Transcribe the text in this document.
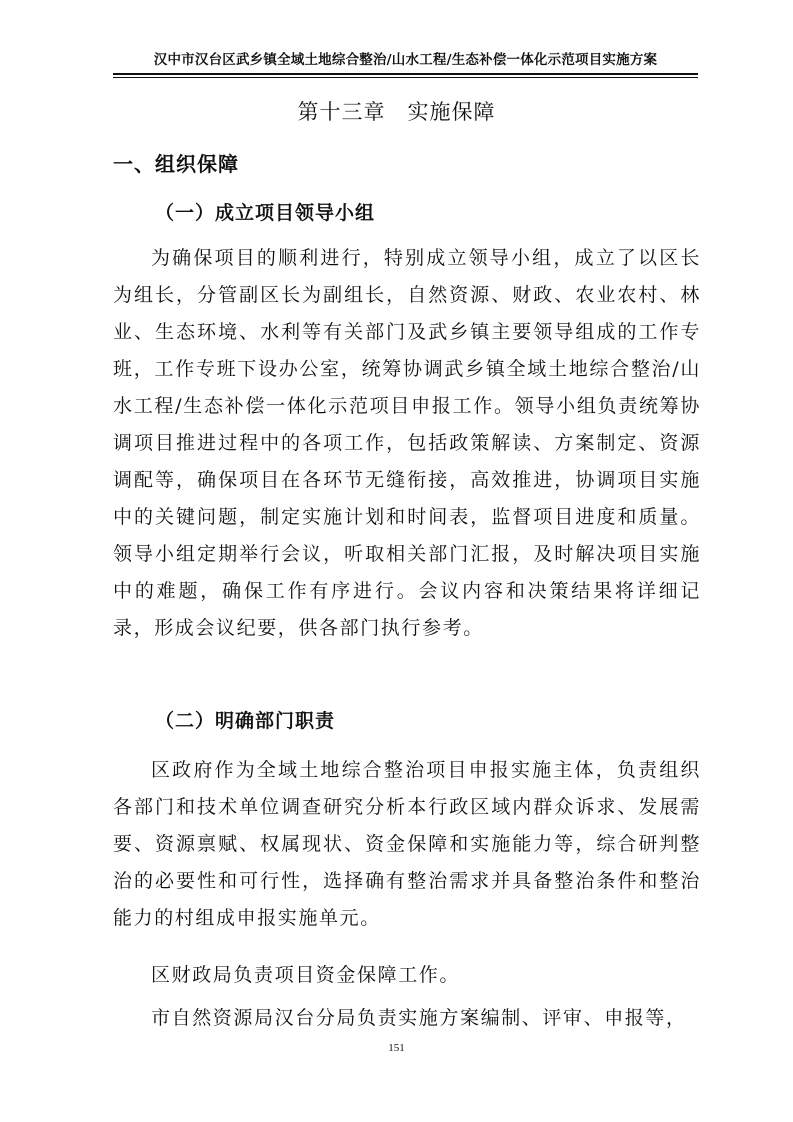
汉中市汉台区武乡镇全域土地综合整治/山水工程/生态补偿一体化示范项目实施方案
第十三章　实施保障
一、组织保障
（一）成立项目领导小组

为确保项目的顺利进行，特别成立领导小组，成立了以区长为组长，分管副区长为副组长，自然资源、财政、农业农村、林业、生态环境、水利等有关部门及武乡镇主要领导组成的工作专班，工作专班下设办公室，统筹协调武乡镇全域土地综合整治/山水工程/生态补偿一体化示范项目申报工作。领导小组负责统筹协调项目推进过程中的各项工作，包括政策解读、方案制定、资源调配等，确保项目在各环节无缝衔接，高效推进，协调项目实施中的关键问题，制定实施计划和时间表，监督项目进度和质量。领导小组定期举行会议，听取相关部门汇报，及时解决项目实施中的难题，确保工作有序进行。会议内容和决策结果将详细记录，形成会议纪要，供各部门执行参考。

（二）明确部门职责

区政府作为全域土地综合整治项目申报实施主体，负责组织各部门和技术单位调查研究分析本行政区域内群众诉求、发展需要、资源禀赋、权属现状、资金保障和实施能力等，综合研判整治的必要性和可行性，选择确有整治需求并具备整治条件和整治能力的村组成申报实施单元。

区财政局负责项目资金保障工作。

市自然资源局汉台分局负责实施方案编制、评审、申报等，

151
